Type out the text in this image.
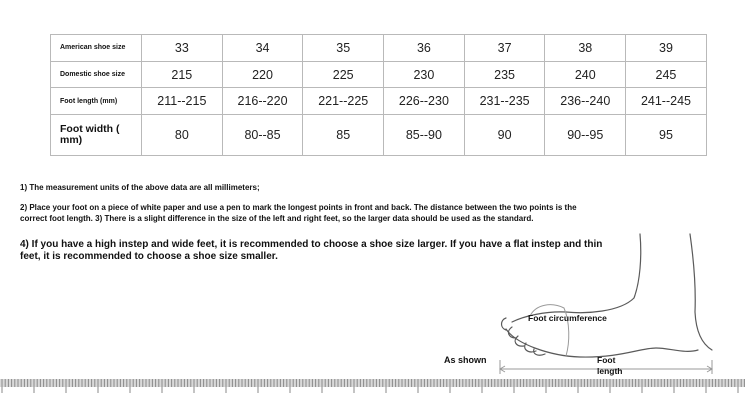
American shoe size	33	34	35	36	37	38	39
Domestic shoe size	215	220	225	230	235	240	245
Foot length (mm)	211--215	216--220	221--225	226--230	231--235	236--240	241--245
Foot width ( mm)	80	80--85	85	85--90	90	90--95	95

1) The measurement units of the above data are all millimeters;

2) Place your foot on a piece of white paper and use a pen to mark the longest points in front and back. The distance between the two points is the correct foot length. 3) There is a slight difference in the size of the left and right feet, so the larger data should be used as the standard.

4) If you have a high instep and wide feet, it is recommended to choose a shoe size larger. If you have a flat instep and thin feet, it is recommended to choose a shoe size smaller.

Foot circumference
Foot length
As shown
